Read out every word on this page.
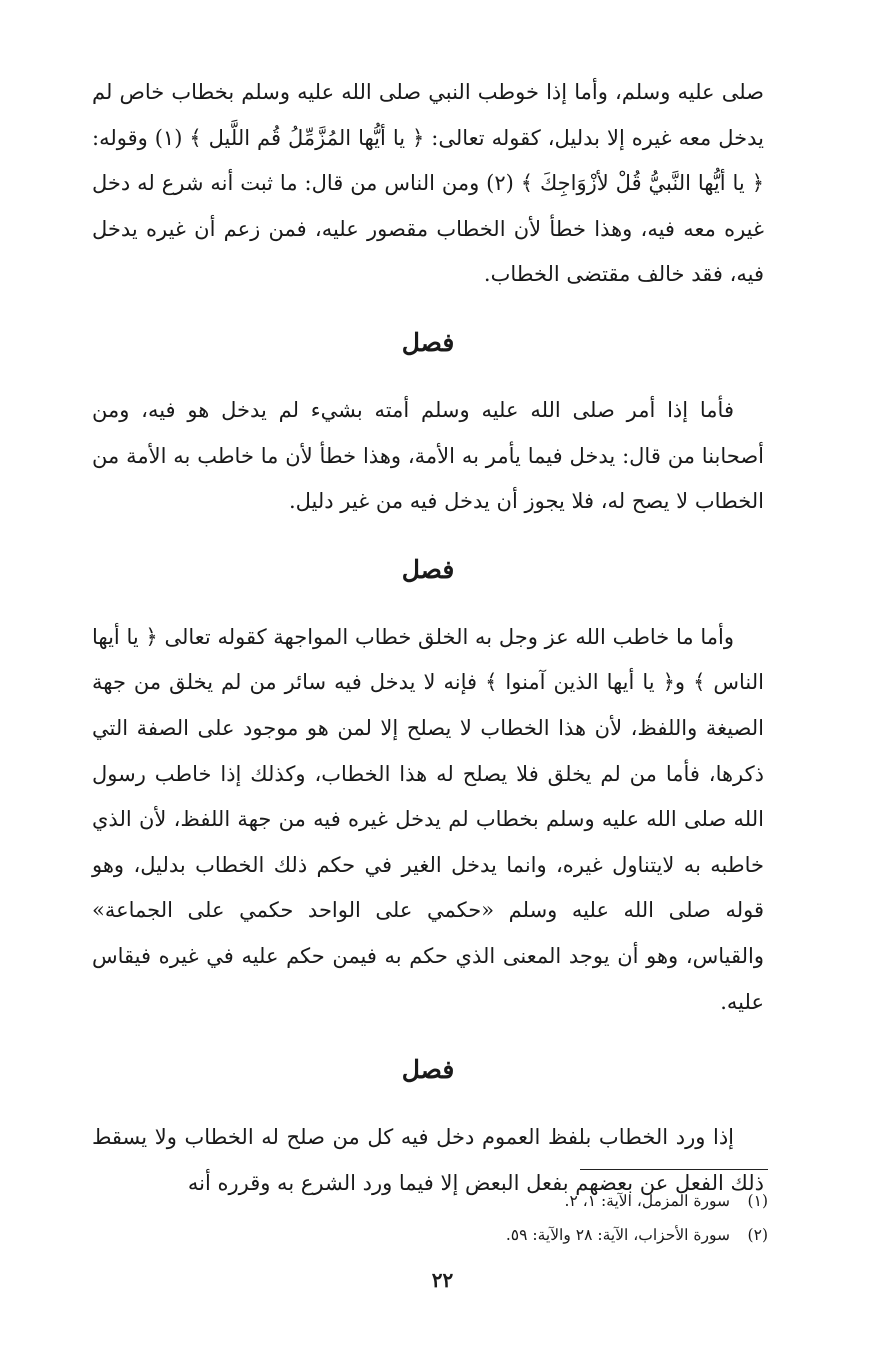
صلى عليه وسلم، وأما إذا خوطب النبي صلى الله عليه وسلم بخطاب خاص لم يدخل معه غيره إلا بدليل، كقوله تعالى: ﴿ يا أيُّها المُزَّمِّلُ قُم اللَّيل ﴾ (١) وقوله: ﴿ يا أيُّها النَّبيُّ قُلْ لأزْوَاجِكَ ﴾ (٢) ومن الناس من قال: ما ثبت أنه شرع له دخل غيره معه فيه، وهذا خطأ لأن الخطاب مقصور عليه، فمن زعم أن غيره يدخل فيه، فقد خالف مقتضى الخطاب.

فصل

فأما إذا أمر صلى الله عليه وسلم أمته بشيء لم يدخل هو فيه، ومن أصحابنا من قال: يدخل فيما يأمر به الأمة، وهذا خطأ لأن ما خاطب به الأمة من الخطاب لا يصح له، فلا يجوز أن يدخل فيه من غير دليل.

فصل

وأما ما خاطب الله عز وجل به الخلق خطاب المواجهة كقوله تعالى ﴿ يا أيها الناس ﴾ و﴿ يا أيها الذين آمنوا ﴾ فإنه لا يدخل فيه سائر من لم يخلق من جهة الصيغة واللفظ، لأن هذا الخطاب لا يصلح إلا لمن هو موجود على الصفة التي ذكرها، فأما من لم يخلق فلا يصلح له هذا الخطاب، وكذلك إذا خاطب رسول الله صلى الله عليه وسلم بخطاب لم يدخل غيره فيه من جهة اللفظ، لأن الذي خاطبه به لايتناول غيره، وانما يدخل الغير في حكم ذلك الخطاب بدليل، وهو قوله صلى الله عليه وسلم «حكمي على الواحد حكمي على الجماعة» والقياس، وهو أن يوجد المعنى الذي حكم به فيمن حكم عليه في غيره فيقاس عليه.

فصل

إذا ورد الخطاب بلفظ العموم دخل فيه كل من صلح له الخطاب ولا يسقط ذلك الفعل عن بعضهم بفعل البعض إلا فيما ورد الشرع به وقرره أنه

(١)
سورة المزمل، الآية: ١، ٢.
(٢)
سورة الأحزاب، الآية: ٢٨ والآية: ٥٩.
٢٢
